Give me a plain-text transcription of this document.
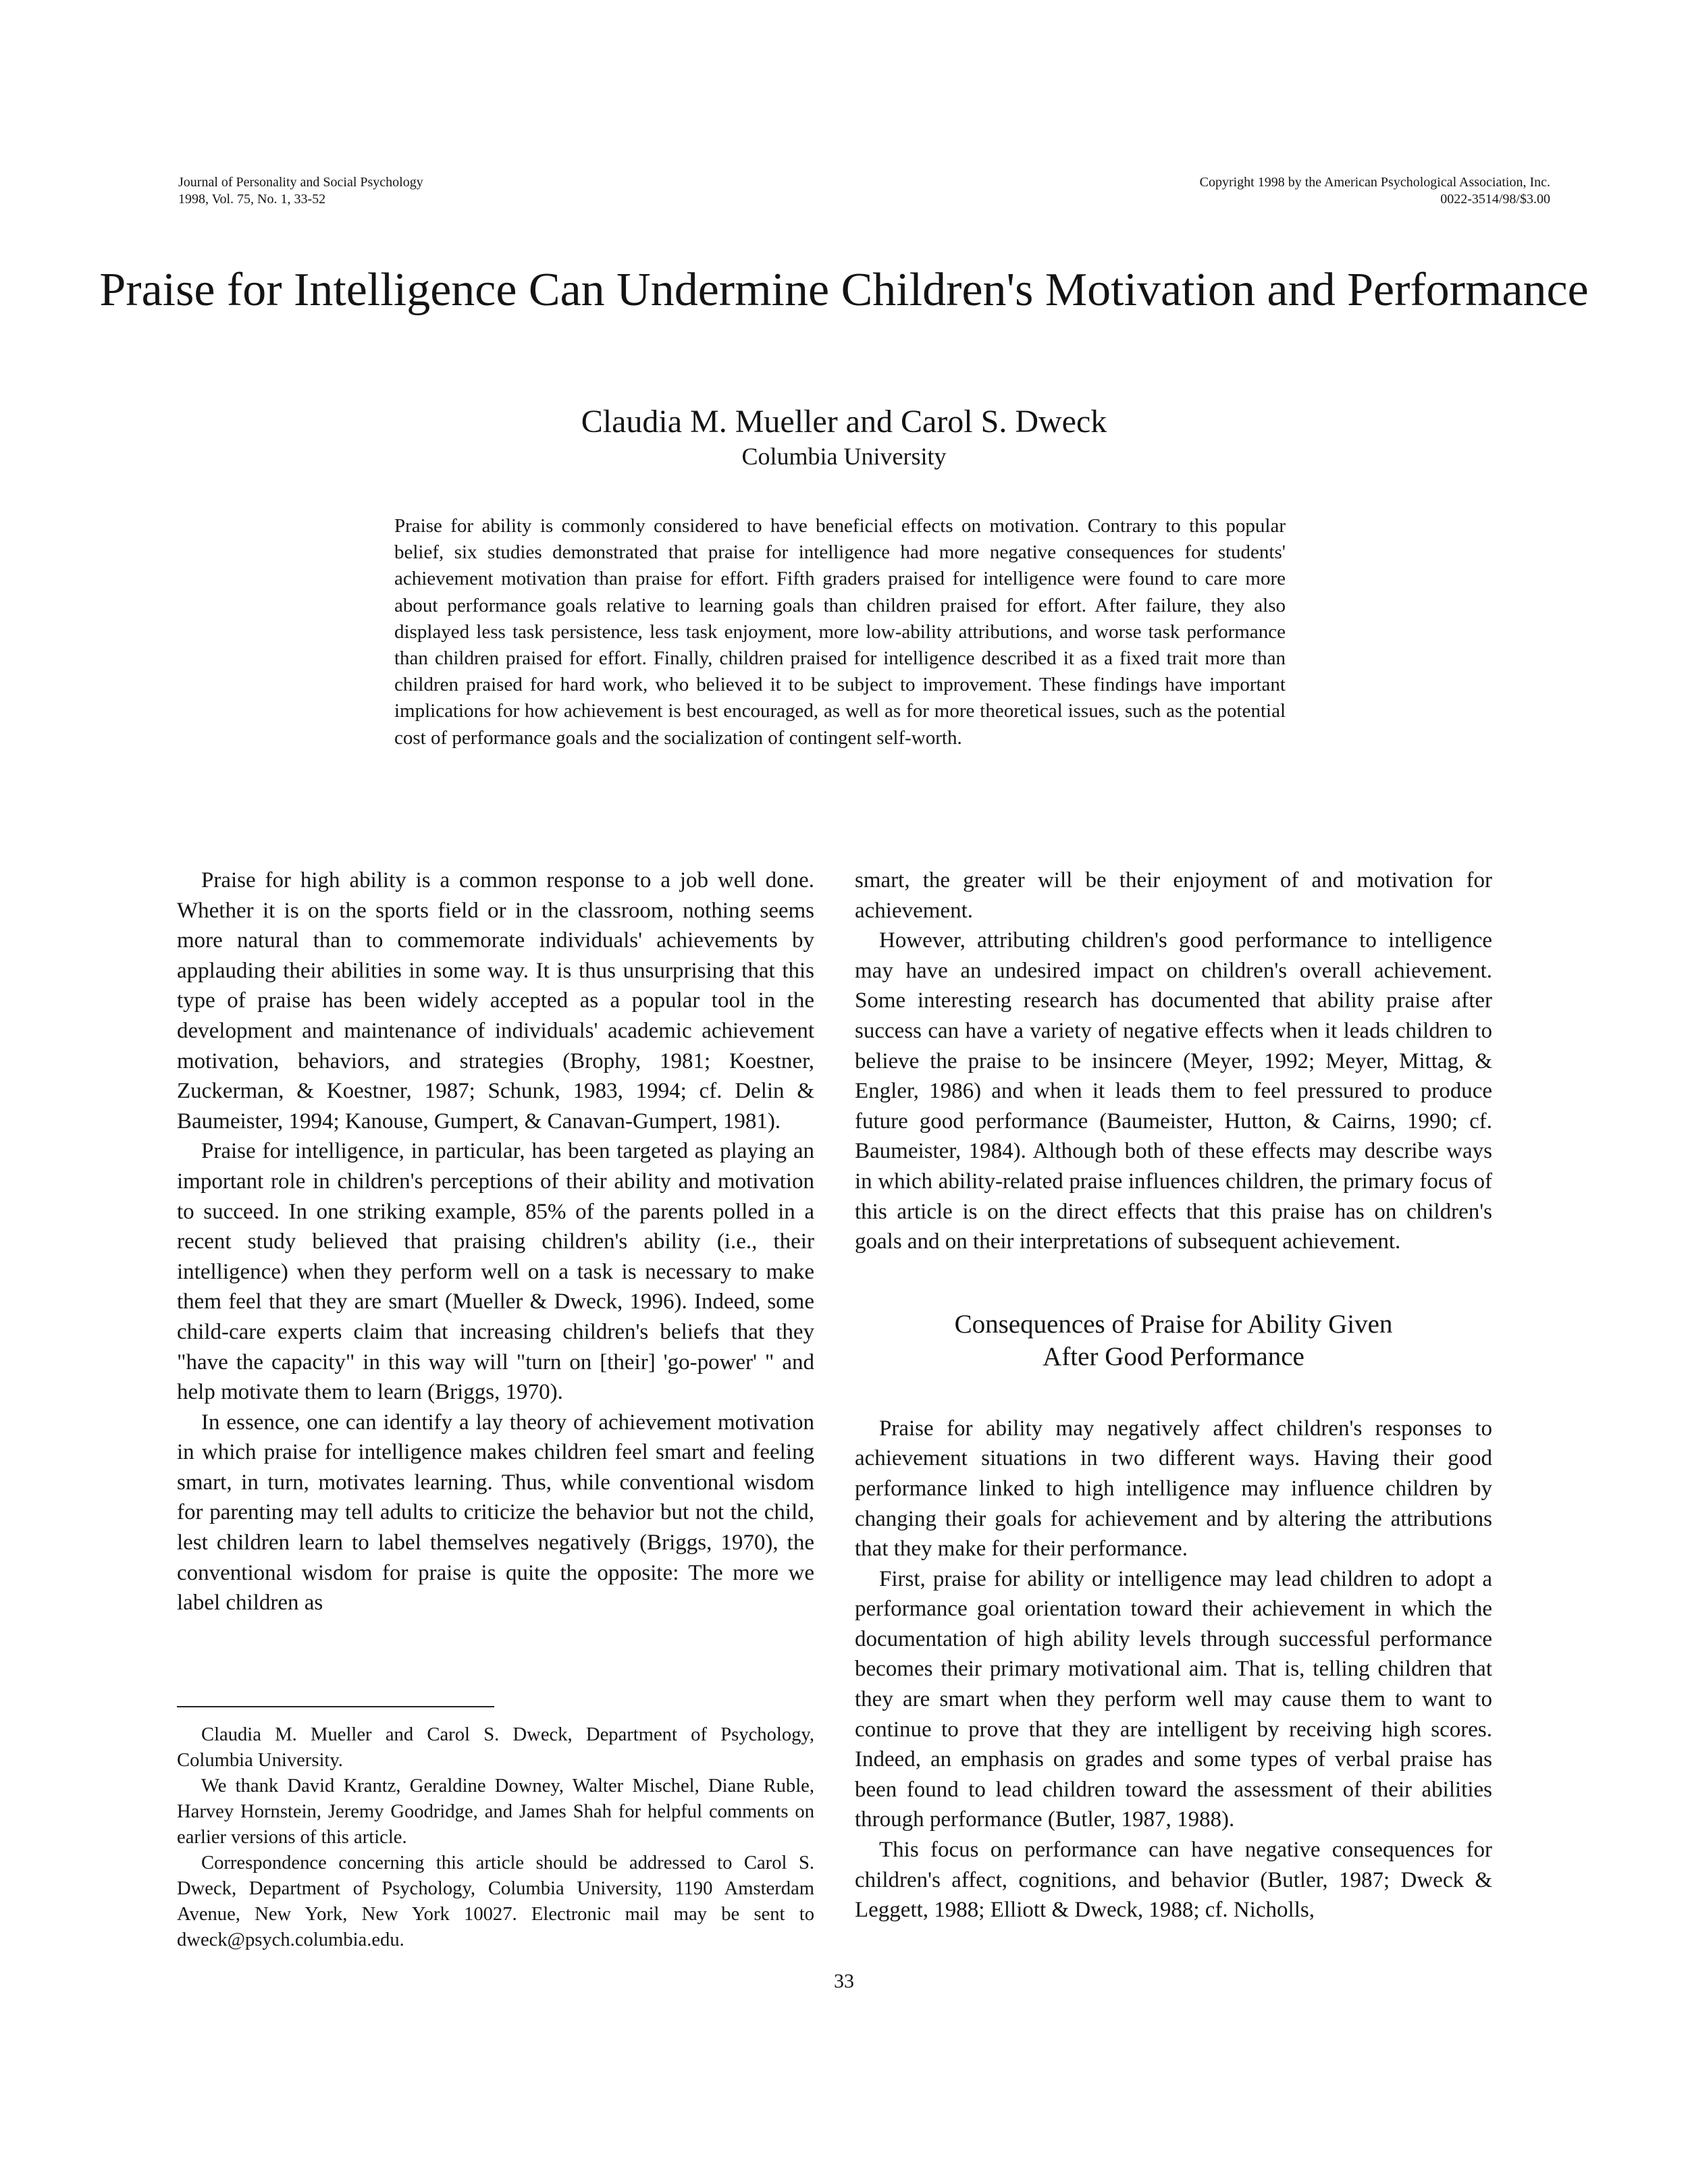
Journal of Personality and Social Psychology
1998, Vol. 75, No. 1, 33-52
Copyright 1998 by the American Psychological Association, Inc.
0022-3514/98/$3.00
Praise for Intelligence Can Undermine Children's Motivation and Performance
Claudia M. Mueller and Carol S. Dweck
Columbia University

Praise for ability is commonly considered to have beneficial effects on motivation. Contrary to this popular belief, six studies demonstrated that praise for intelligence had more negative consequences for students' achievement motivation than praise for effort. Fifth graders praised for intelligence were found to care more about performance goals relative to learning goals than children praised for effort. After failure, they also displayed less task persistence, less task enjoyment, more low-ability attributions, and worse task performance than children praised for effort. Finally, children praised for intelligence described it as a fixed trait more than children praised for hard work, who believed it to be subject to improvement. These findings have important implications for how achievement is best encouraged, as well as for more theoretical issues, such as the potential cost of performance goals and the socialization of contingent self-worth.

Praise for high ability is a common response to a job well done. Whether it is on the sports field or in the classroom, nothing seems more natural than to commemorate individuals' achievements by applauding their abilities in some way. It is thus unsurprising that this type of praise has been widely accepted as a popular tool in the development and maintenance of individuals' academic achievement motivation, behaviors, and strategies (Brophy, 1981; Koestner, Zuckerman, & Koestner, 1987; Schunk, 1983, 1994; cf. Delin & Baumeister, 1994; Kanouse, Gumpert, & Canavan-Gumpert, 1981).

Praise for intelligence, in particular, has been targeted as playing an important role in children's perceptions of their ability and motivation to succeed. In one striking example, 85% of the parents polled in a recent study believed that praising children's ability (i.e., their intelligence) when they perform well on a task is necessary to make them feel that they are smart (Mueller & Dweck, 1996). Indeed, some child-care experts claim that increasing children's beliefs that they "have the capacity" in this way will "turn on [their] 'go-power' " and help motivate them to learn (Briggs, 1970).

In essence, one can identify a lay theory of achievement motivation in which praise for intelligence makes children feel smart and feeling smart, in turn, motivates learning. Thus, while conventional wisdom for parenting may tell adults to criticize the behavior but not the child, lest children learn to label themselves negatively (Briggs, 1970), the conventional wisdom for praise is quite the opposite: The more we label children as

smart, the greater will be their enjoyment of and motivation for achievement.

However, attributing children's good performance to intelligence may have an undesired impact on children's overall achievement. Some interesting research has documented that ability praise after success can have a variety of negative effects when it leads children to believe the praise to be insincere (Meyer, 1992; Meyer, Mittag, & Engler, 1986) and when it leads them to feel pressured to produce future good performance (Baumeister, Hutton, & Cairns, 1990; cf. Baumeister, 1984). Although both of these effects may describe ways in which ability-related praise influences children, the primary focus of this article is on the direct effects that this praise has on children's goals and on their interpretations of subsequent achievement.

Consequences of Praise for Ability Given
After Good Performance

Praise for ability may negatively affect children's responses to achievement situations in two different ways. Having their good performance linked to high intelligence may influence children by changing their goals for achievement and by altering the attributions that they make for their performance.

First, praise for ability or intelligence may lead children to adopt a performance goal orientation toward their achievement in which the documentation of high ability levels through successful performance becomes their primary motivational aim. That is, telling children that they are smart when they perform well may cause them to want to continue to prove that they are intelligent by receiving high scores. Indeed, an emphasis on grades and some types of verbal praise has been found to lead children toward the assessment of their abilities through performance (Butler, 1987, 1988).

This focus on performance can have negative consequences for children's affect, cognitions, and behavior (Butler, 1987; Dweck & Leggett, 1988; Elliott & Dweck, 1988; cf. Nicholls,

Claudia M. Mueller and Carol S. Dweck, Department of Psychology, Columbia University.

We thank David Krantz, Geraldine Downey, Walter Mischel, Diane Ruble, Harvey Hornstein, Jeremy Goodridge, and James Shah for helpful comments on earlier versions of this article.

Correspondence concerning this article should be addressed to Carol S. Dweck, Department of Psychology, Columbia University, 1190 Amsterdam Avenue, New York, New York 10027. Electronic mail may be sent to dweck@psych.columbia.edu.

33
